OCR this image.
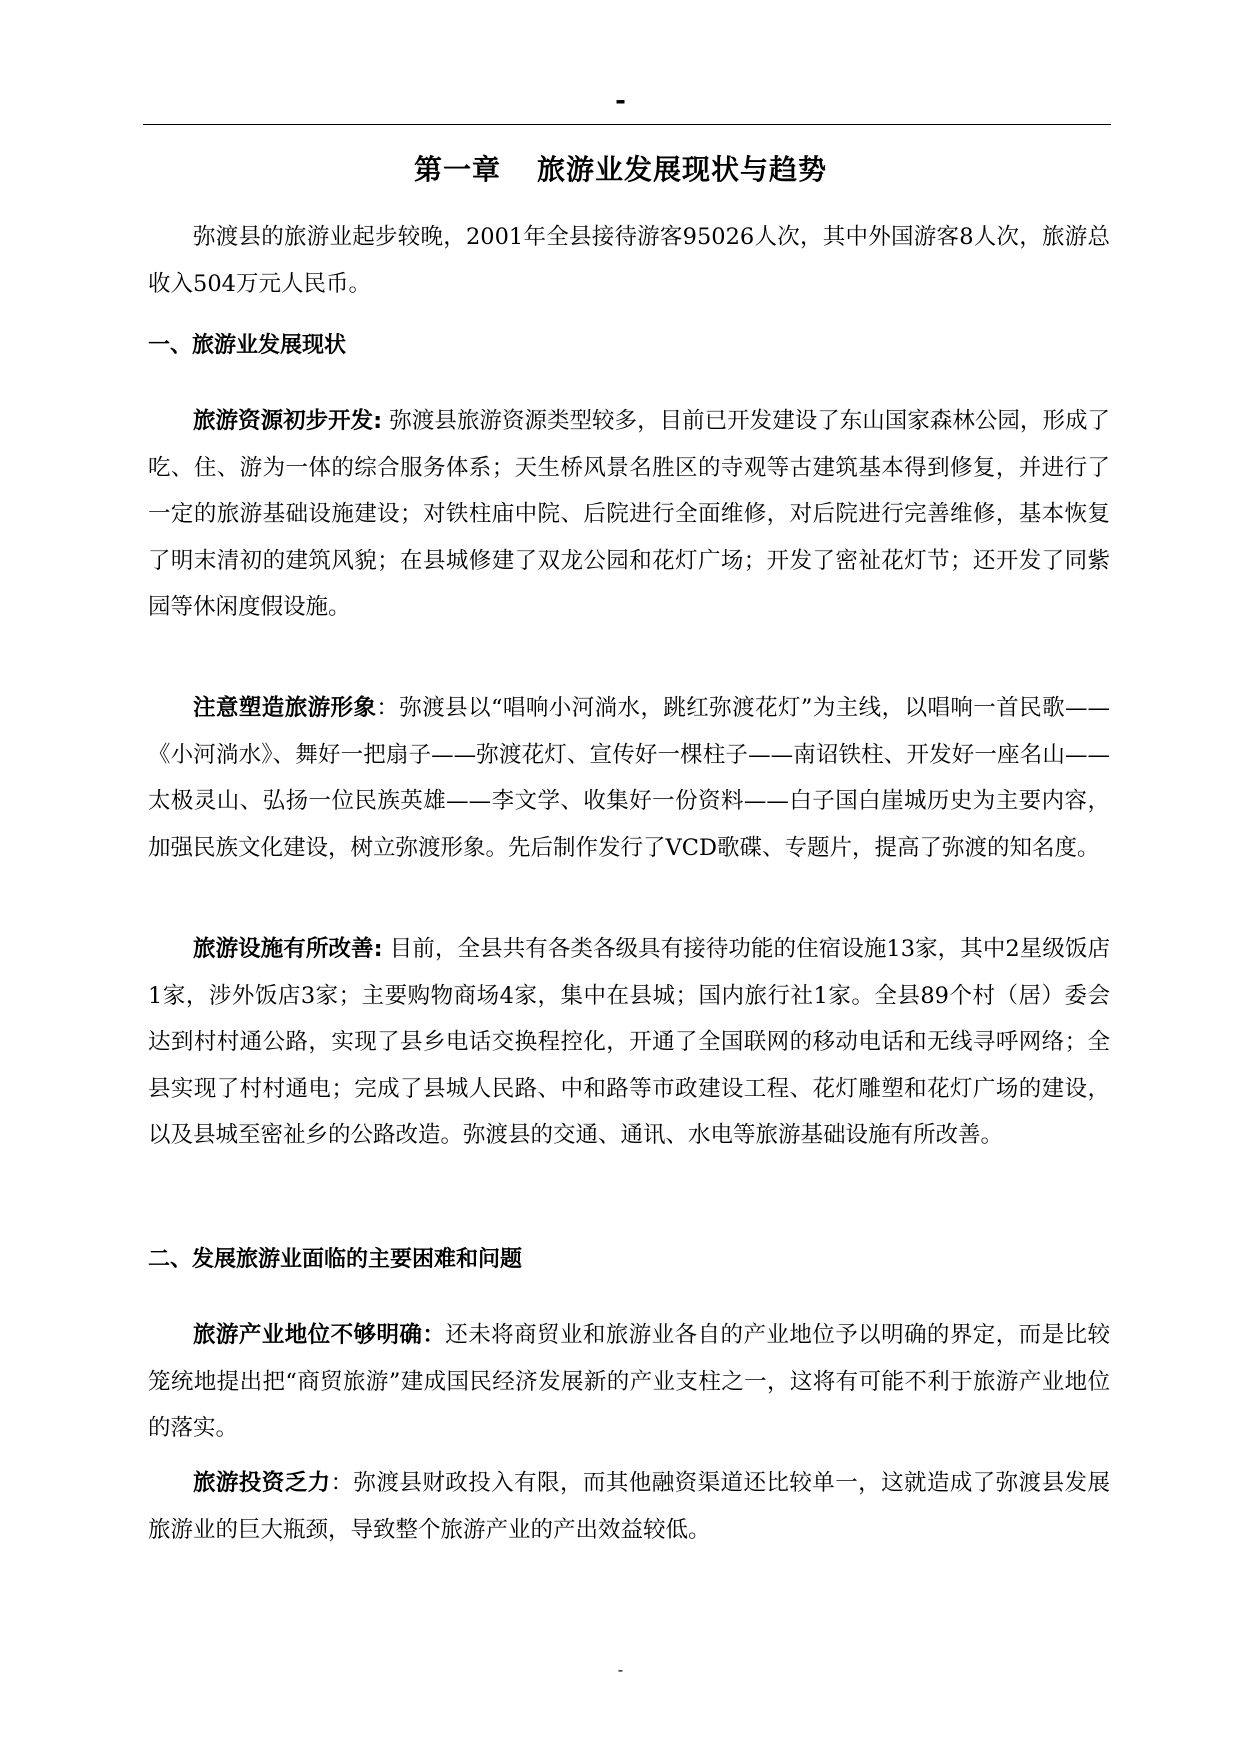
-
第一章 旅游业发展现状与趋势

弥渡县的旅游业起步较晚，2001年全县接待游客95026人次，其中外国游客8人次，旅游总收入504万元人民币。

一、旅游业发展现状

旅游资源初步开发: 弥渡县旅游资源类型较多，目前已开发建设了东山国家森林公园，形成了吃、住、游为一体的综合服务体系；天生桥风景名胜区的寺观等古建筑基本得到修复，并进行了一定的旅游基础设施建设；对铁柱庙中院、后院进行全面维修，对后院进行完善维修，基本恢复了明末清初的建筑风貌；在县城修建了双龙公园和花灯广场；开发了密祉花灯节；还开发了同紫园等休闲度假设施。

注意塑造旅游形象：弥渡县以“唱响小河淌水，跳红弥渡花灯”为主线，以唱响一首民歌——《小河淌水》、舞好一把扇子——弥渡花灯、宣传好一棵柱子——南诏铁柱、开发好一座名山——太极灵山、弘扬一位民族英雄——李文学、收集好一份资料——白子国白崖城历史为主要内容，加强民族文化建设，树立弥渡形象。先后制作发行了VCD歌碟、专题片，提高了弥渡的知名度。

旅游设施有所改善: 目前，全县共有各类各级具有接待功能的住宿设施13家，其中2星级饭店1家，涉外饭店3家；主要购物商场4家，集中在县城；国内旅行社1家。全县89个村（居）委会达到村村通公路，实现了县乡电话交换程控化，开通了全国联网的移动电话和无线寻呼网络；全县实现了村村通电；完成了县城人民路、中和路等市政建设工程、花灯雕塑和花灯广场的建设，以及县城至密祉乡的公路改造。弥渡县的交通、通讯、水电等旅游基础设施有所改善。

二、发展旅游业面临的主要困难和问题

旅游产业地位不够明确：还未将商贸业和旅游业各自的产业地位予以明确的界定，而是比较笼统地提出把“商贸旅游”建成国民经济发展新的产业支柱之一，这将有可能不利于旅游产业地位的落实。

旅游投资乏力：弥渡县财政投入有限，而其他融资渠道还比较单一，这就造成了弥渡县发展旅游业的巨大瓶颈，导致整个旅游产业的产出效益较低。

-
